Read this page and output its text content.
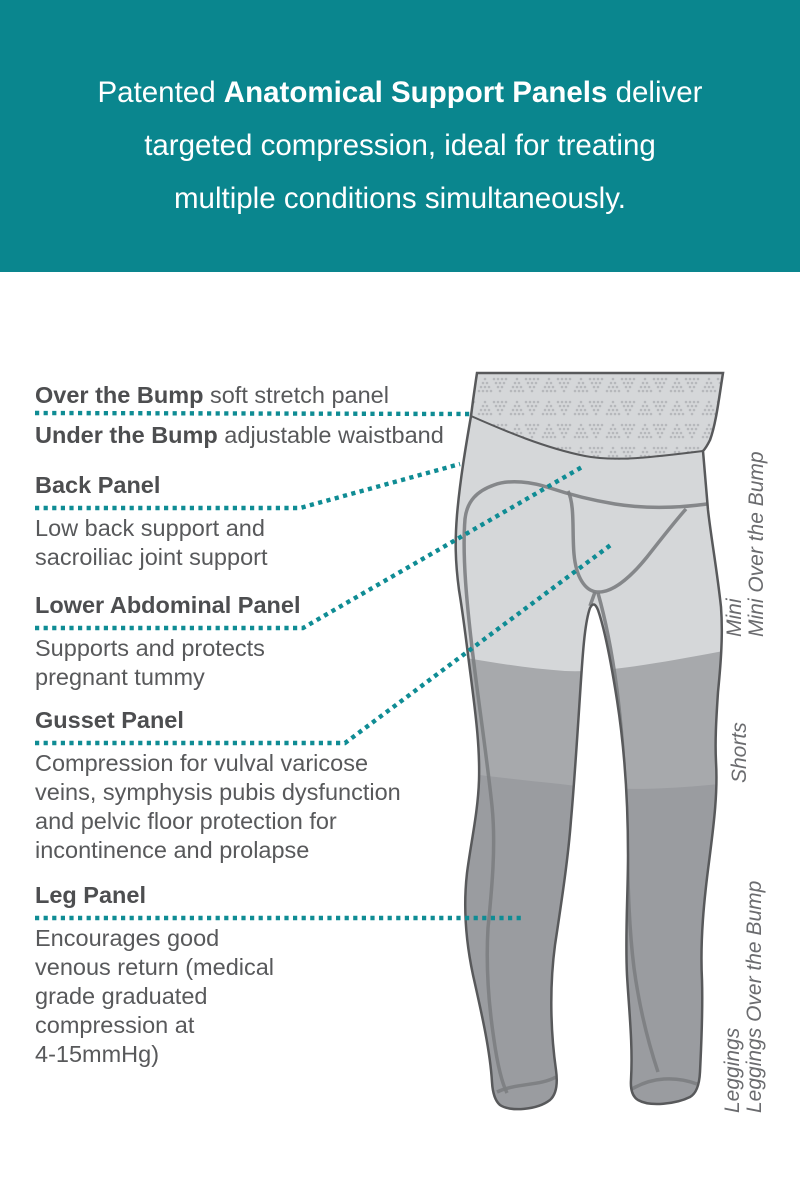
Patented Anatomical Support Panels deliver
targeted compression, ideal for treating
multiple conditions simultaneously.

Over the Bump soft stretch panel
Under the Bump adjustable waistband
Back Panel
Low back support and
sacroiliac joint support
Lower Abdominal Panel
Supports and protects
pregnant tummy
Gusset Panel
Compression for vulval varicose
veins, symphysis pubis dysfunction
and pelvic floor protection for
incontinence and prolapse
Leg Panel
Encourages good
venous return (medical
grade graduated
compression at
4-15mmHg)
Mini Mini Over the Bump
Shorts
Leggings Leggings Over the Bump
